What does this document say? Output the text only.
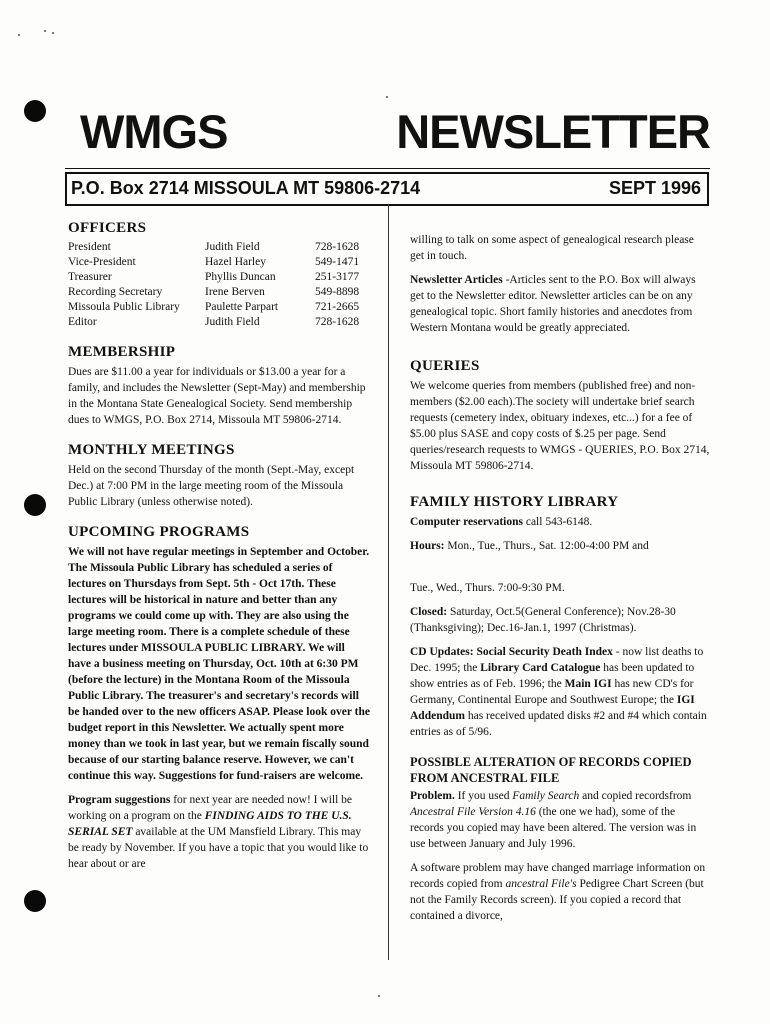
WMGS	NEWSLETTER
P.O. Box 2714 MISSOULA MT 59806-2714	SEPT 1996
OFFICERS
President	Judith Field	728-1628
Vice-President	Hazel Harley	549-1471
Treasurer	Phyllis Duncan	251-3177
Recording Secretary	Irene Berven	549-8898
Missoula Public Library	Paulette Parpart	721-2665
Editor	Judith Field	728-1628
MEMBERSHIP

Dues are $11.00 a year for individuals or $13.00 a year for a family, and includes the Newsletter (Sept-May) and membership in the Montana State Genealogical Society. Send membership dues to WMGS, P.O. Box 2714, Missoula MT 59806-2714.

MONTHLY MEETINGS

Held on the second Thursday of the month (Sept.-May, except Dec.) at 7:00 PM in the large meeting room of the Missoula Public Library (unless otherwise noted).

UPCOMING PROGRAMS

We will not have regular meetings in September and October. The Missoula Public Library has scheduled a series of lectures on Thursdays from Sept. 5th - Oct 17th. These lectures will be historical in nature and better than any programs we could come up with. They are also using the large meeting room. There is a complete schedule of these lectures under MISSOULA PUBLIC LIBRARY. We will have a business meeting on Thursday, Oct. 10th at 6:30 PM (before the lecture) in the Montana Room of the Missoula Public Library. The treasurer's and secretary's records will be handed over to the new officers ASAP. Please look over the budget report in this Newsletter. We actually spent more money than we took in last year, but we remain fiscally sound because of our starting balance reserve. However, we can't continue this way. Suggestions for fund-raisers are welcome.

Program suggestions for next year are needed now! I will be working on a program on the FINDING AIDS TO THE U.S. SERIAL SET available at the UM Mansfield Library. This may be ready by November. If you have a topic that you would like to hear about or are

willing to talk on some aspect of genealogical research please get in touch.

Newsletter Articles -Articles sent to the P.O. Box will always get to the Newsletter editor. Newsletter articles can be on any genealogical topic. Short family histories and anecdotes from Western Montana would be greatly appreciated.

QUERIES

We welcome queries from members (published free) and non-members ($2.00 each).The society will undertake brief search requests (cemetery index, obituary indexes, etc...) for a fee of $5.00 plus SASE and copy costs of $.25 per page. Send queries/research requests to WMGS - QUERIES, P.O. Box 2714, Missoula MT 59806-2714.

FAMILY HISTORY LIBRARY

Computer reservations call 543-6148.

Hours: Mon., Tue., Thurs., Sat. 12:00-4:00 PM and

Tue., Wed., Thurs. 7:00-9:30 PM.

Closed: Saturday, Oct.5(General Conference); Nov.28-30 (Thanksgiving); Dec.16-Jan.1, 1997 (Christmas).

CD Updates: Social Security Death Index - now list deaths to Dec. 1995; the Library Card Catalogue has been updated to show entries as of Feb. 1996; the Main IGI has new CD's for Germany, Continental Europe and Southwest Europe; the IGI Addendum has received updated disks #2 and #4 which contain entries as of 5/96.

POSSIBLE ALTERATION OF RECORDS COPIED FROM ANCESTRAL FILE

Problem. If you used Family Search and copied recordsfrom Ancestral File Version 4.16 (the one we had), some of the records you copied may have been altered. The version was in use between January and July 1996.

A software problem may have changed marriage information on records copied from ancestral File's Pedigree Chart Screen (but not the Family Records screen). If you copied a record that contained a divorce,
